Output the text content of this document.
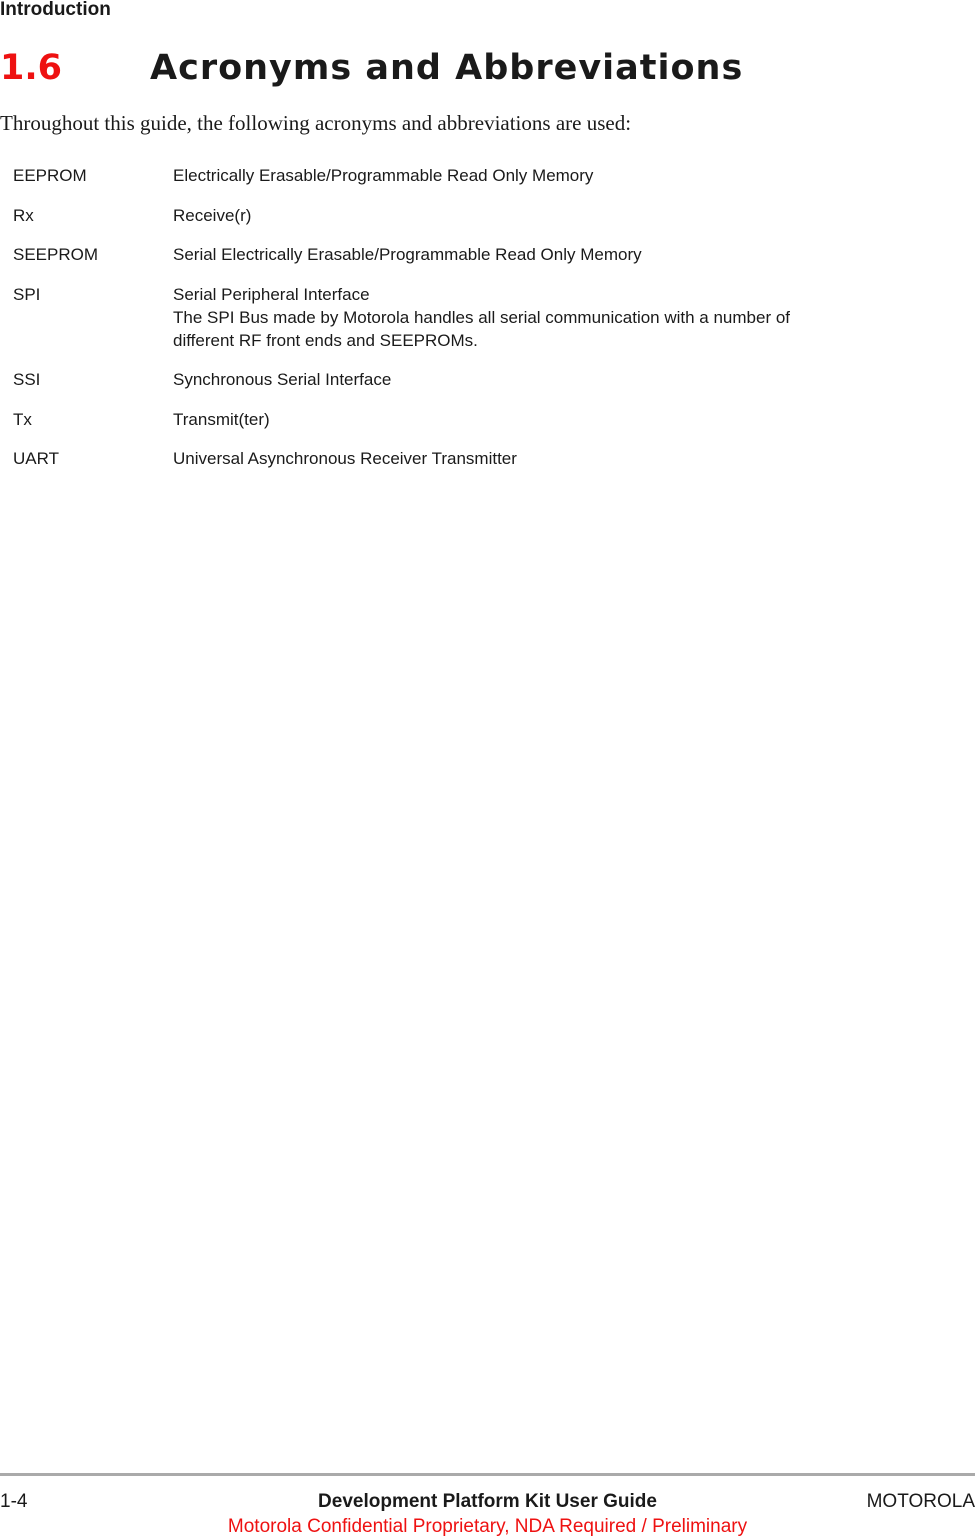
Introduction
1.6	Acronyms and Abbreviations
Throughout this guide, the following acronyms and abbreviations are used:
EEPROM	Electrically Erasable/Programmable Read Only Memory
Rx	Receive(r)
SEEPROM	Serial Electrically Erasable/Programmable Read Only Memory
SPI	Serial Peripheral Interface
The SPI Bus made by Motorola handles all serial communication with a number of
different RF front ends and SEEPROMs.
SSI	Synchronous Serial Interface
Tx	Transmit(ter)
UART	Universal Asynchronous Receiver Transmitter
1-4	Development Platform Kit User Guide	MOTOROLA
Motorola Confidential Proprietary, NDA Required / Preliminary
